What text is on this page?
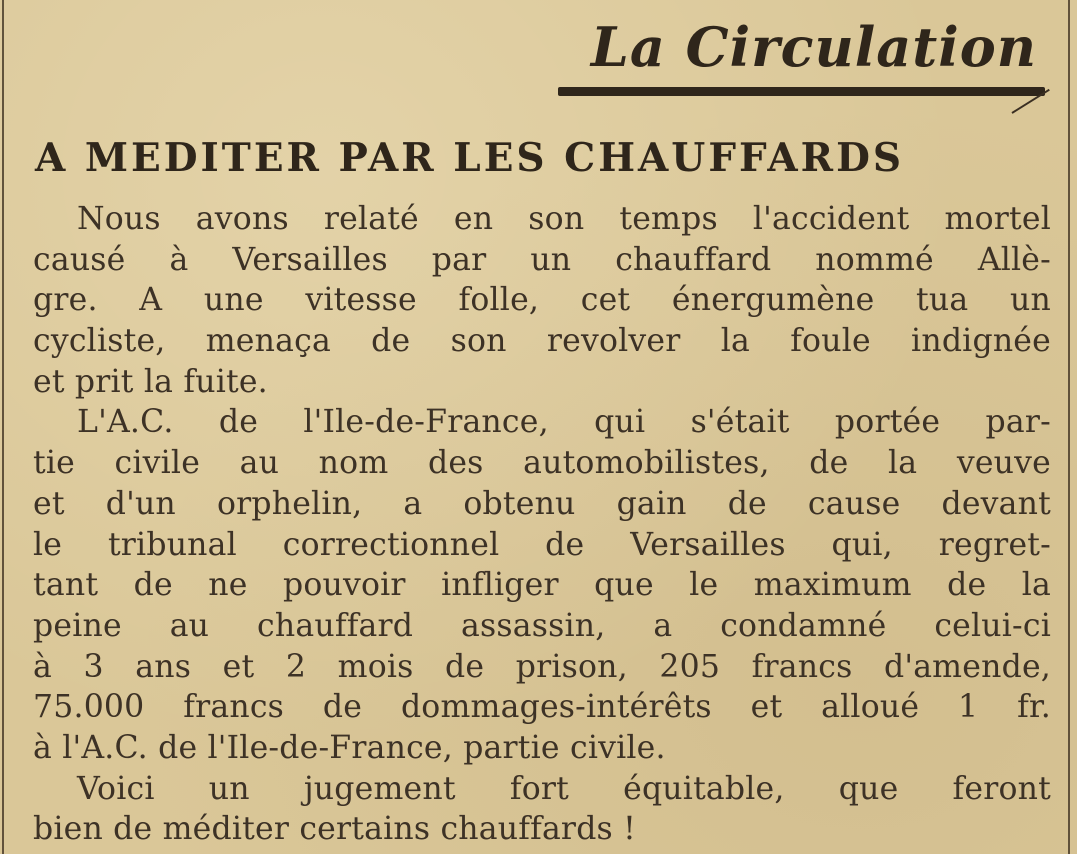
La Circulation
A MEDITER PAR LES CHAUFFARDS
Nous avons relaté en son temps l'accident mortel
causé à Versailles par un chauffard nommé Allè-
gre. A une vitesse folle, cet énergumène tua un
cycliste, menaça de son revolver la foule indignée
et prit la fuite.
L'A.C. de l'Ile-de-France, qui s'était portée par-
tie civile au nom des automobilistes, de la veuve
et d'un orphelin, a obtenu gain de cause devant
le tribunal correctionnel de Versailles qui, regret-
tant de ne pouvoir infliger que le maximum de la
peine au chauffard assassin, a condamné celui-ci
à 3 ans et 2 mois de prison, 205 francs d'amende,
75.000 francs de dommages-intérêts et alloué 1 fr.
à l'A.C. de l'Ile-de-France, partie civile.
Voici un jugement fort équitable, que feront
bien de méditer certains chauffards !
